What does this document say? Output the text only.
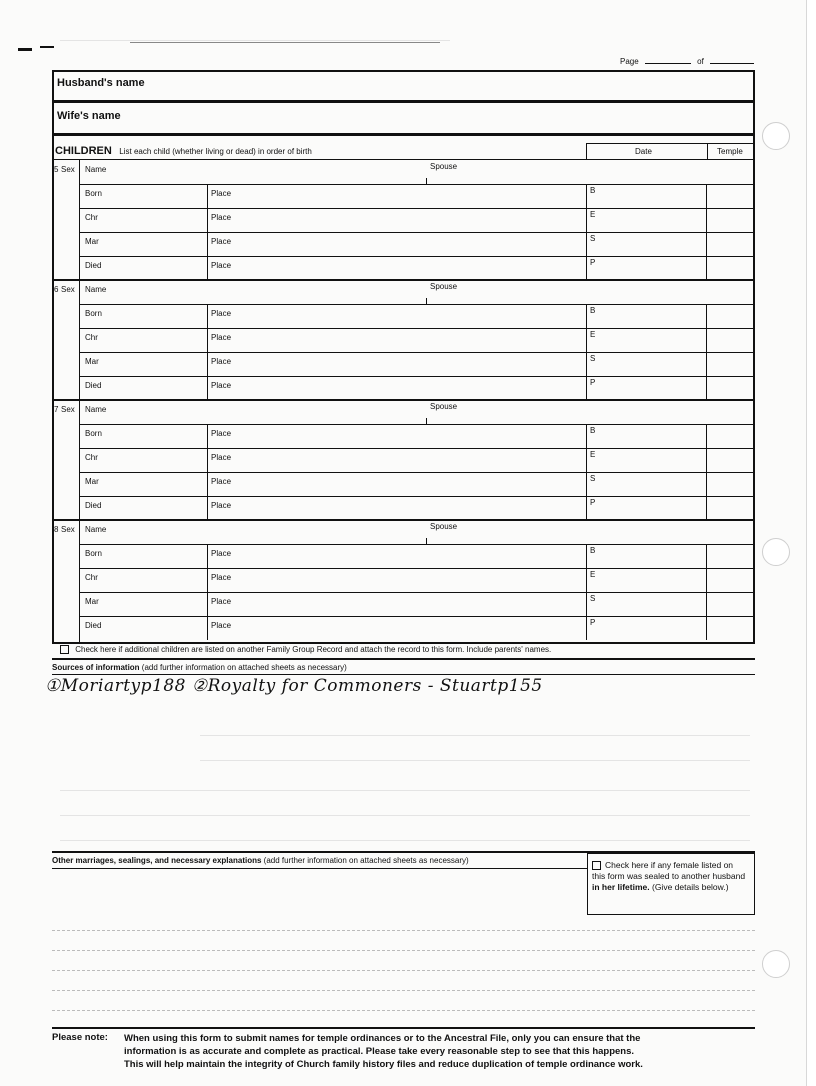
Page	of
Husband's name
Wife's name
CHILDREN List each child (whether living or dead) in order of birth	Date	Temple
5 Sex Name	Spouse
Born	Place	B
Chr	Place	E
Mar	Place	S
Died	Place	P
6 Sex Name	Spouse
Born	Place	B
Chr	Place	E
Mar	Place	S
Died	Place	P
7 Sex Name	Spouse
Born	Place	B
Chr	Place	E
Mar	Place	S
Died	Place	P
8 Sex Name	Spouse
Born	Place	B
Chr	Place	E
Mar	Place	S
Died	Place	P
Check here if additional children are listed on another Family Group Record and attach the record to this form. Include parents' names.
Sources of information (add further information on attached sheets as necessary)
①Moriartyp188 ②Royalty for Commoners - Stuartp155
Other marriages, sealings, and necessary explanations (add further information on attached sheets as necessary)	Check here if any female listed on this form was sealed to another husband in her lifetime. (Give details below.)
Please note: When using this form to submit names for temple ordinances or to the Ancestral File, only you can ensure that the
information is as accurate and complete as practical. Please take every reasonable step to see that this happens.
This will help maintain the integrity of Church family history files and reduce duplication of temple ordinance work.
